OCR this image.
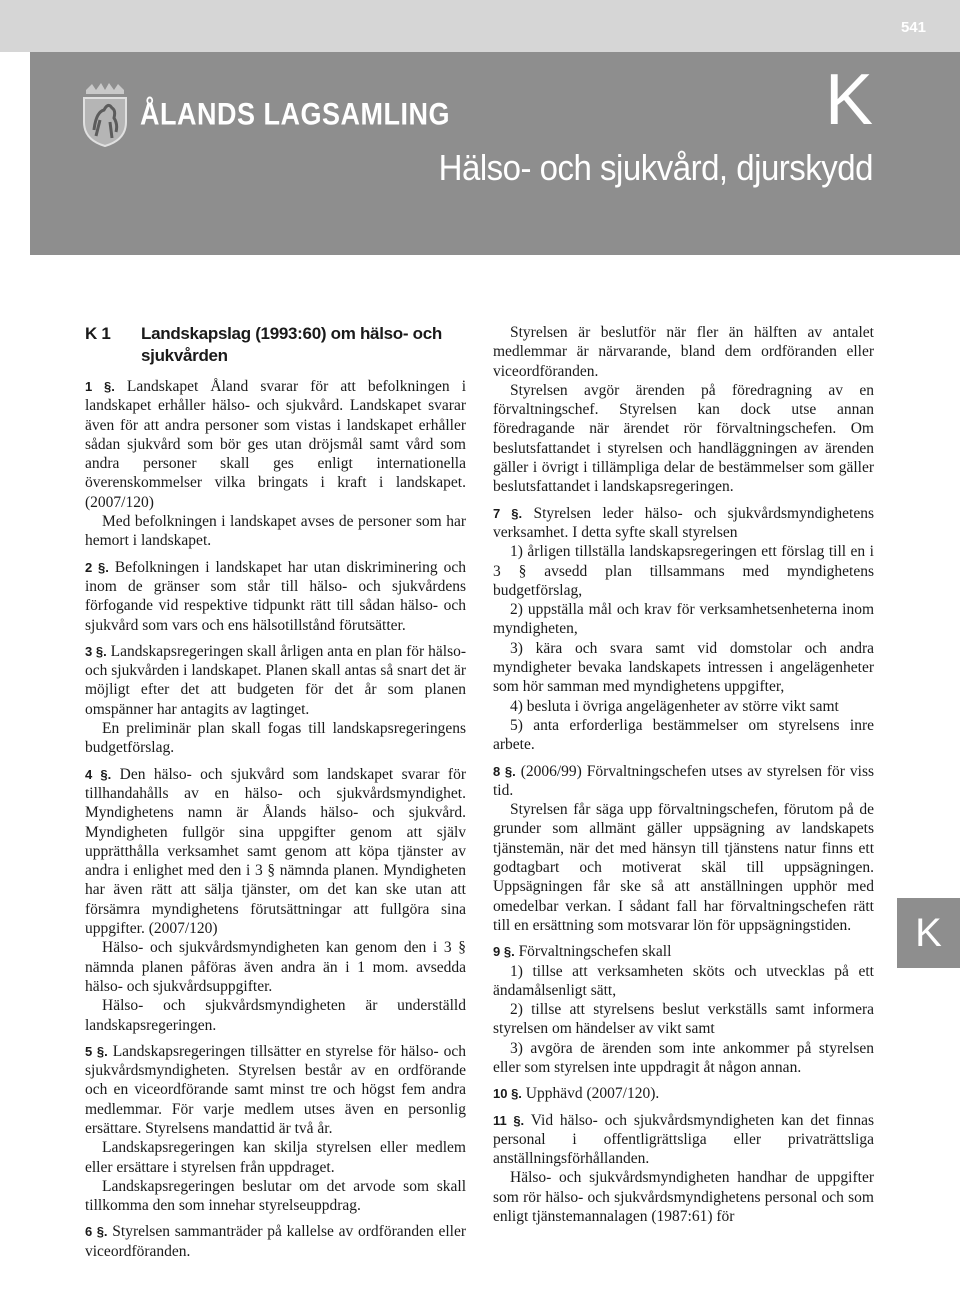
541
ÅLANDS LAGSAMLING	K
Hälso- och sjukvård, djurskydd
K
K 1	Landskapslag (1993:60) om hälso- och sjukvården

1 §. Landskapet Åland svarar för att befolkningen i landskapet erhåller hälso- och sjukvård. Landskapet svarar även för att andra personer som vistas i landskapet erhåller sådan sjukvård som bör ges utan dröjsmål samt vård som andra personer skall ges enligt internationella överenskommelser vilka bringats i kraft i landskapet. (2007/120)

Med befolkningen i landskapet avses de personer som har hemort i landskapet.

2 §. Befolkningen i landskapet har utan diskriminering och inom de gränser som står till hälso- och sjukvårdens förfogande vid respektive tidpunkt rätt till sådan hälso- och sjukvård som vars och ens hälsotillstånd förutsätter.

3 §. Landskapsregeringen skall årligen anta en plan för hälso- och sjukvården i landskapet. Planen skall antas så snart det är möjligt efter det att budgeten för det år som planen omspänner har antagits av lagtinget.

En preliminär plan skall fogas till landskapsregeringens budgetförslag.

4 §. Den hälso- och sjukvård som landskapet svarar för tillhandahålls av en hälso- och sjukvårdsmyndighet. Myndighetens namn är Ålands hälso- och sjukvård. Myndigheten fullgör sina uppgifter genom att själv upprätthålla verksamhet samt genom att köpa tjänster av andra i enlighet med den i 3 § nämnda planen. Myndigheten har även rätt att sälja tjänster, om det kan ske utan att försämra myndighetens förutsättningar att fullgöra sina uppgifter. (2007/120)

Hälso- och sjukvårdsmyndigheten kan genom den i 3 § nämnda planen påföras även andra än i 1 mom. avsedda hälso- och sjukvårdsuppgifter.

Hälso- och sjukvårdsmyndigheten är underställd landskapsregeringen.

5 §. Landskapsregeringen tillsätter en styrelse för hälso- och sjukvårdsmyndigheten. Styrelsen består av en ordförande och en viceordförande samt minst tre och högst fem andra medlemmar. För varje medlem utses även en personlig ersättare. Styrelsens mandattid är två år.

Landskapsregeringen kan skilja styrelsen eller medlem eller ersättare i styrelsen från uppdraget.

Landskapsregeringen beslutar om det arvode som skall tillkomma den som innehar styrelseuppdrag.

6 §. Styrelsen sammanträder på kallelse av ordföranden eller viceordföranden.

Styrelsen är beslutför när fler än hälften av antalet medlemmar är närvarande, bland dem ordföranden eller viceordföranden.

Styrelsen avgör ärenden på föredragning av en förvaltningschef. Styrelsen kan dock utse annan föredragande när ärendet rör förvaltningschefen. Om beslutsfattandet i styrelsen och handläggningen av ärenden gäller i övrigt i tillämpliga delar de bestämmelser som gäller beslutsfattandet i landskapsregeringen.

7 §. Styrelsen leder hälso- och sjukvårdsmyndighetens verksamhet. I detta syfte skall styrelsen

1) årligen tillställa landskapsregeringen ett förslag till en i 3 § avsedd plan tillsammans med myndighetens budgetförslag,

2) uppställa mål och krav för verksamhetsenheterna inom myndigheten,

3) kära och svara samt vid domstolar och andra myndigheter bevaka landskapets intressen i angelägenheter som hör samman med myndighetens uppgifter,

4) besluta i övriga angelägenheter av större vikt samt

5) anta erforderliga bestämmelser om styrelsens inre arbete.

8 §. (2006/99) Förvaltningschefen utses av styrelsen för viss tid.

Styrelsen får säga upp förvaltningschefen, förutom på de grunder som allmänt gäller uppsägning av landskapets tjänstemän, när det med hänsyn till tjänstens natur finns ett godtagbart och motiverat skäl till uppsägningen. Uppsägningen får ske så att anställningen upphör med omedelbar verkan. I sådant fall har förvaltningschefen rätt till en ersättning som motsvarar lön för uppsägningstiden.

9 §. Förvaltningschefen skall

1) tillse att verksamheten sköts och utvecklas på ett ändamålsenligt sätt,

2) tillse att styrelsens beslut verkställs samt informera styrelsen om händelser av vikt samt

3) avgöra de ärenden som inte ankommer på styrelsen eller som styrelsen inte uppdragit åt någon annan.

10 §. Upphävd (2007/120).

11 §. Vid hälso- och sjukvårdsmyndigheten kan det finnas personal i offentligrättsliga eller privaträttsliga anställningsförhållanden.

Hälso- och sjukvårdsmyndigheten handhar de uppgifter som rör hälso- och sjukvårdsmyndighetens personal och som enligt tjänstemannalagen (1987:61) för
